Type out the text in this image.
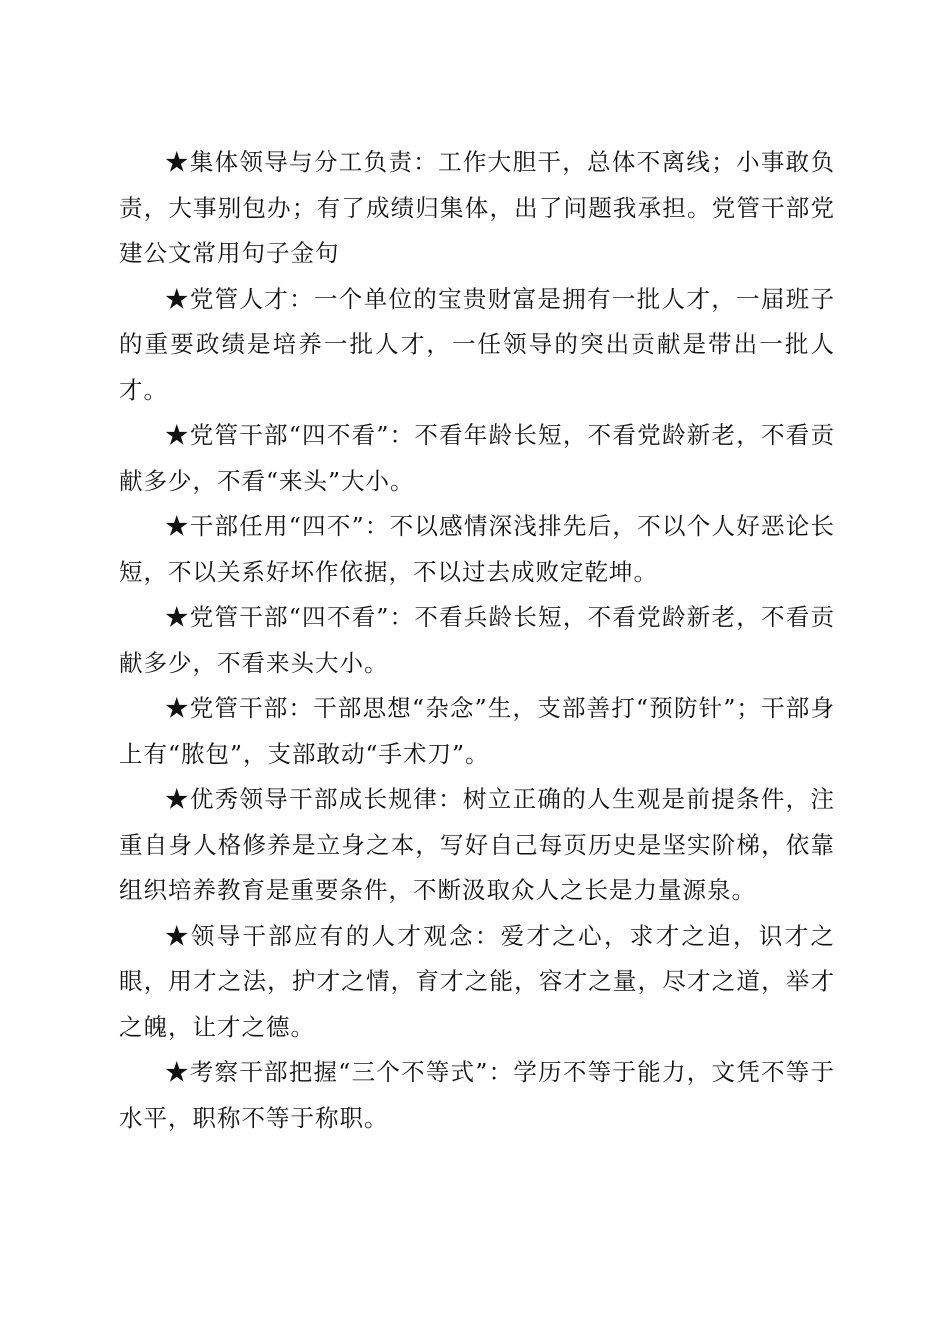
★集体领导与分工负责：工作大胆干，总体不离线；小事敢负责，大事别包办；有了成绩归集体，出了问题我承担。党管干部党建公文常用句子金句

★党管人才：一个单位的宝贵财富是拥有一批人才，一届班子的重要政绩是培养一批人才，一任领导的突出贡献是带出一批人才。

★党管干部“四不看”：不看年龄长短，不看党龄新老，不看贡献多少，不看“来头”大小。

★干部任用“四不”：不以感情深浅排先后，不以个人好恶论长短，不以关系好坏作依据，不以过去成败定乾坤。

★党管干部“四不看”：不看兵龄长短，不看党龄新老，不看贡献多少，不看来头大小。

★党管干部：干部思想“杂念”生，支部善打“预防针”；干部身上有“脓包”，支部敢动“手术刀”。

★优秀领导干部成长规律：树立正确的人生观是前提条件，注重自身人格修养是立身之本，写好自己每页历史是坚实阶梯，依靠组织培养教育是重要条件，不断汲取众人之长是力量源泉。

★领导干部应有的人才观念：爱才之心，求才之迫，识才之眼，用才之法，护才之情，育才之能，容才之量，尽才之道，举才之魄，让才之德。

★考察干部把握“三个不等式”：学历不等于能力，文凭不等于水平，职称不等于称职。
